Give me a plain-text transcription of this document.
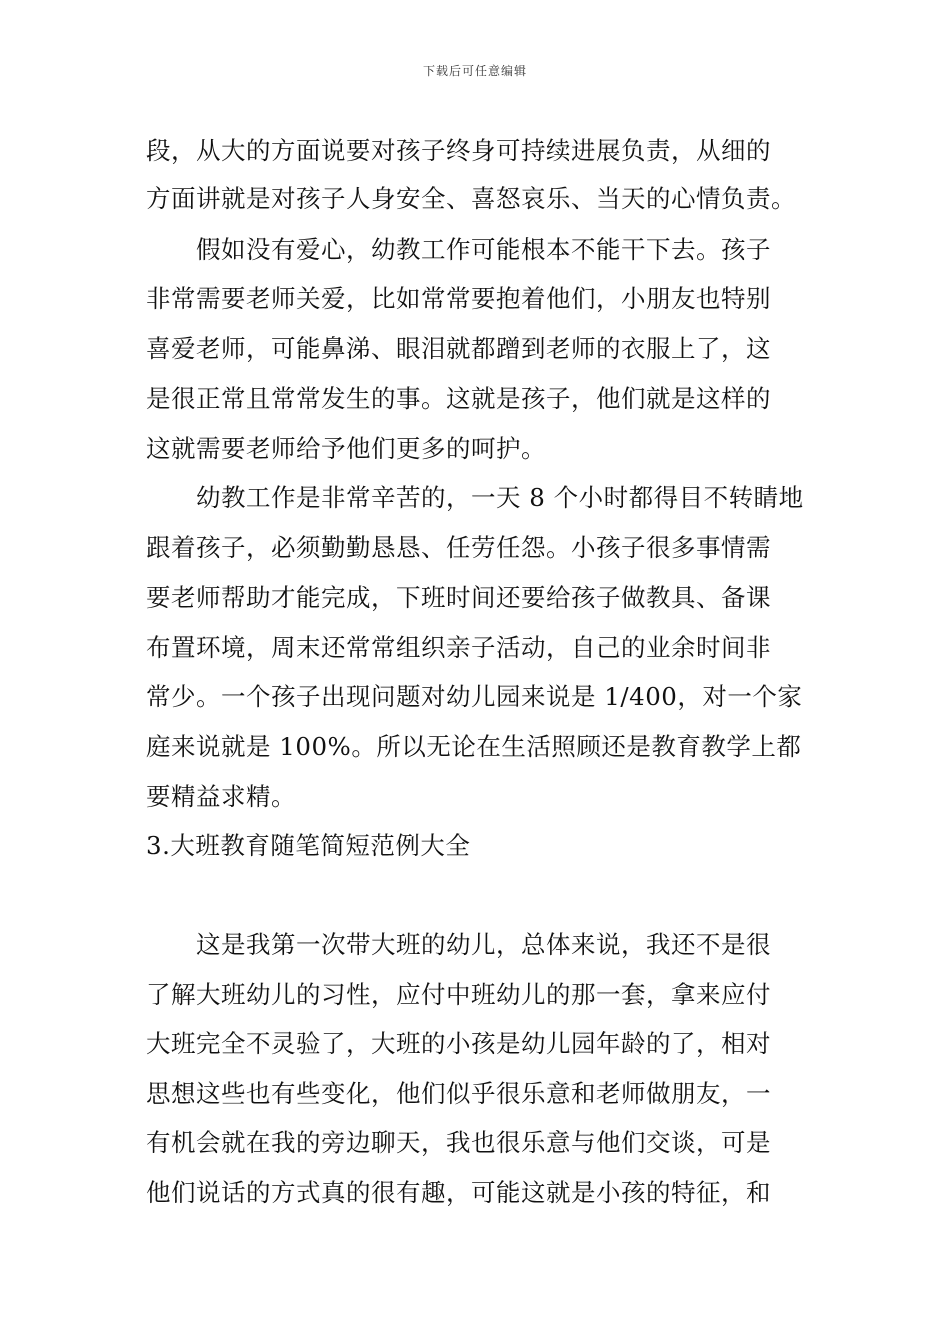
下载后可任意编辑
段，从大的方面说要对孩子终身可持续进展负责，从细的
方面讲就是对孩子人身安全、喜怒哀乐、当天的心情负责。
　　假如没有爱心，幼教工作可能根本不能干下去。孩子
非常需要老师关爱，比如常常要抱着他们，小朋友也特别
喜爱老师，可能鼻涕、眼泪就都蹭到老师的衣服上了，这
是很正常且常常发生的事。这就是孩子，他们就是这样的
这就需要老师给予他们更多的呵护。
　　幼教工作是非常辛苦的，一天 8 个小时都得目不转睛地
跟着孩子，必须勤勤恳恳、任劳任怨。小孩子很多事情需
要老师帮助才能完成，下班时间还要给孩子做教具、备课
布置环境，周末还常常组织亲子活动，自己的业余时间非
常少。一个孩子出现问题对幼儿园来说是 1/400，对一个家
庭来说就是 100%。所以无论在生活照顾还是教育教学上都
要精益求精。
3.大班教育随笔简短范例大全
　　这是我第一次带大班的幼儿，总体来说，我还不是很
了解大班幼儿的习性，应付中班幼儿的那一套，拿来应付
大班完全不灵验了，大班的小孩是幼儿园年龄的了，相对
思想这些也有些变化，他们似乎很乐意和老师做朋友，一
有机会就在我的旁边聊天，我也很乐意与他们交谈，可是
他们说话的方式真的很有趣，可能这就是小孩的特征，和
